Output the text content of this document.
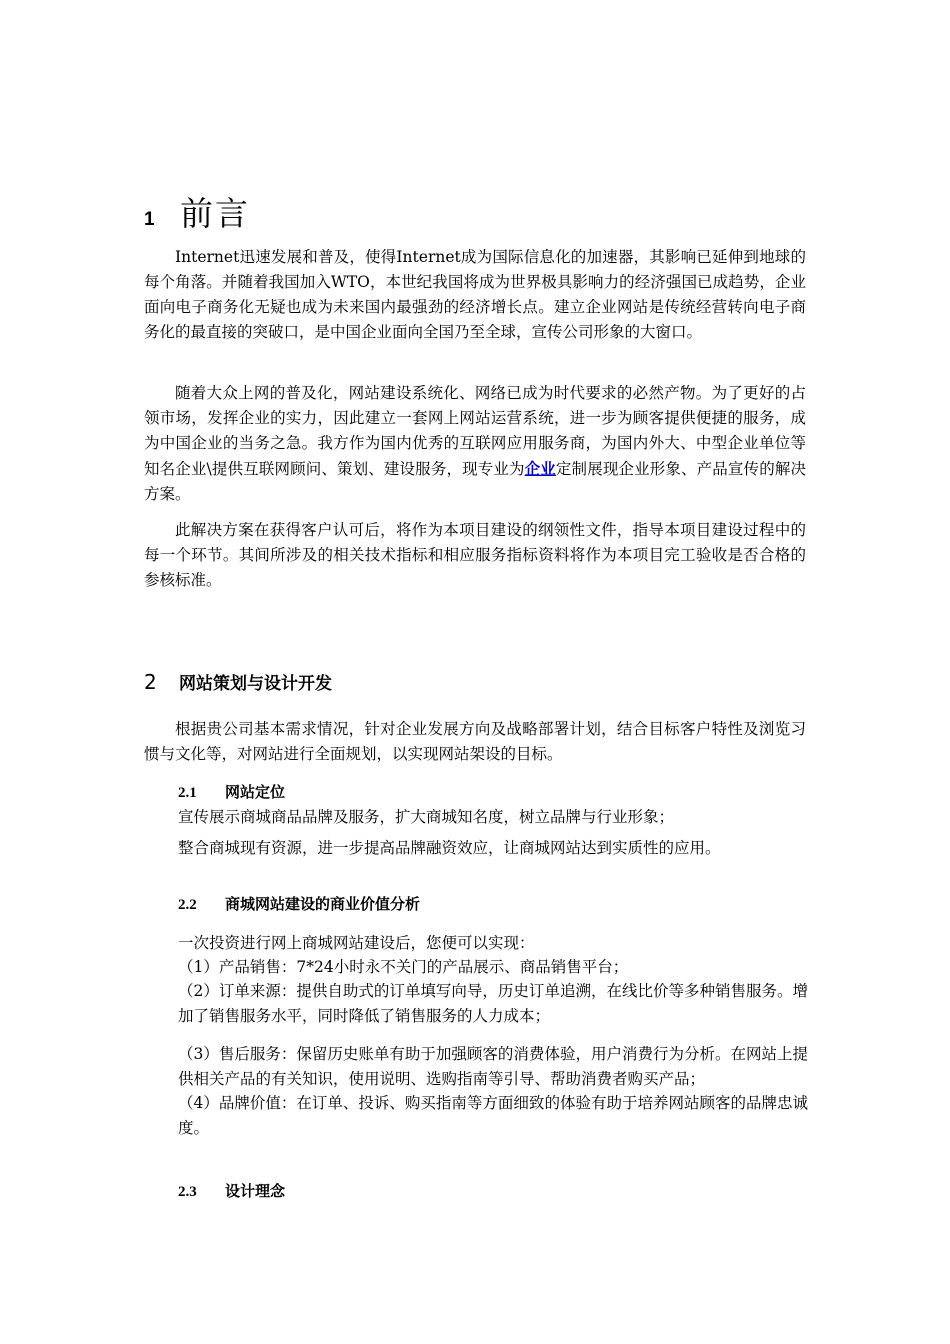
1 前言

Internet迅速发展和普及，使得Internet成为国际信息化的加速器，其影响已延伸到地球的每个角落。并随着我国加入WTO，本世纪我国将成为世界极具影响力的经济强国已成趋势，企业面向电子商务化无疑也成为未来国内最强劲的经济增长点。建立企业网站是传统经营转向电子商务化的最直接的突破口，是中国企业面向全国乃至全球，宣传公司形象的大窗口。

随着大众上网的普及化，网站建设系统化、网络已成为时代要求的必然产物。为了更好的占领市场，发挥企业的实力，因此建立一套网上网站运营系统，进一步为顾客提供便捷的服务，成为中国企业的当务之急。我方作为国内优秀的互联网应用服务商，为国内外大、中型企业单位等知名企业\提供互联网顾问、策划、建设服务，现专业为企业定制展现企业形象、产品宣传的解决方案。

此解决方案在获得客户认可后，将作为本项目建设的纲领性文件，指导本项目建设过程中的每一个环节。其间所涉及的相关技术指标和相应服务指标资料将作为本项目完工验收是否合格的参核标准。

2	网站策划与设计开发

根据贵公司基本需求情况，针对企业发展方向及战略部署计划，结合目标客户特性及浏览习惯与文化等，对网站进行全面规划，以实现网站架设的目标。

2.1	网站定位

宣传展示商城商品品牌及服务，扩大商城知名度，树立品牌与行业形象；

整合商城现有资源，进一步提高品牌融资效应，让商城网站达到实质性的应用。

2.2	商城网站建设的商业价值分析

一次投资进行网上商城网站建设后，您便可以实现：

（1）产品销售：7*24小时永不关门的产品展示、商品销售平台；

（2）订单来源：提供自助式的订单填写向导，历史订单追溯，在线比价等多种销售服务。增加了销售服务水平，同时降低了销售服务的人力成本；

（3）售后服务：保留历史账单有助于加强顾客的消费体验，用户消费行为分析。在网站上提供相关产品的有关知识，使用说明、选购指南等引导、帮助消费者购买产品；

（4）品牌价值：在订单、投诉、购买指南等方面细致的体验有助于培养网站顾客的品牌忠诚度。

2.3	设计理念
